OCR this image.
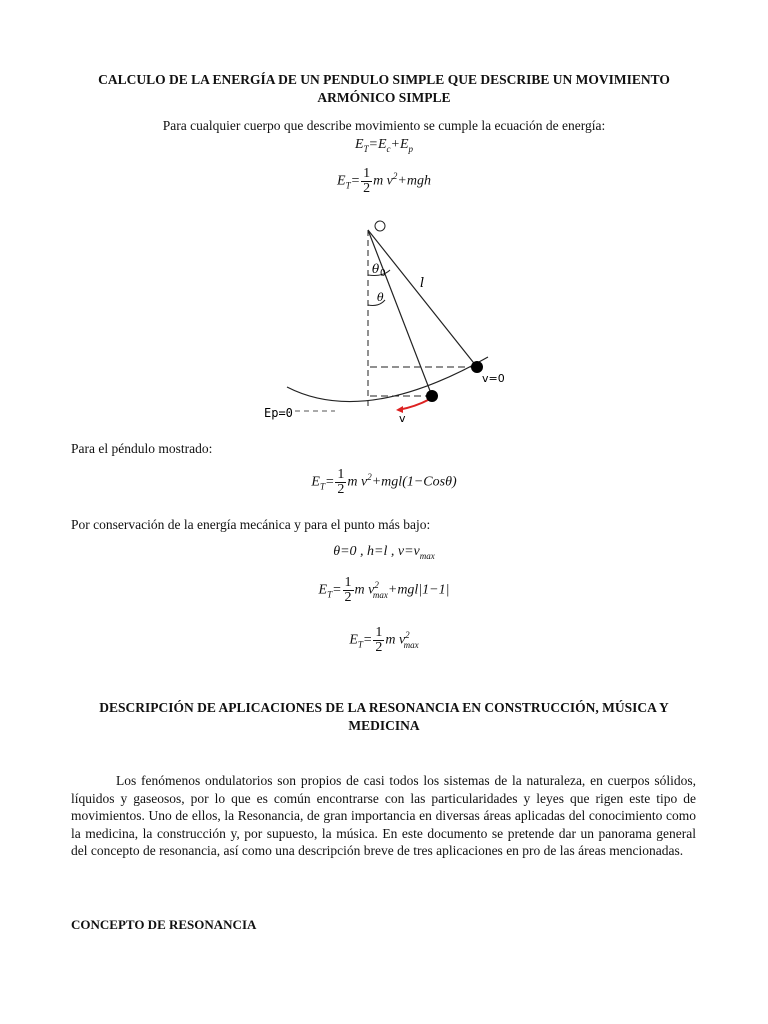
CALCULO DE LA ENERGÍA DE UN PENDULO SIMPLE QUE DESCRIBE UN MOVIMIENTO ARMÓNICO SIMPLE
Para cualquier cuerpo que describe movimiento se cumple la ecuación de energía:
$E_T=E_c+E_p$
$E_T= \frac{1}{2}$ m $v^2+mgh$
θ 0
θ
l
v=0
v
Ep=0
Para el péndulo mostrado:
$E_T= \frac{1}{2}$ m $v^2+mgl(1-Cos\theta)$
Por conservación de la energía mecánica y para el punto más bajo:
θ=0 , h=l , $v=v_{max}$
$E_T= \frac{1}{2}$ m $v^2_{max}+mgl|1-1|$
$E_T= \frac{1}{2}$ m $v^2_{max}$
DESCRIPCIÓN DE APLICACIONES DE LA RESONANCIA EN CONSTRUCCIÓN, MÚSICA Y MEDICINA
Los fenómenos ondulatorios son propios de casi todos los sistemas de la naturaleza, en cuerpos sólidos, líquidos y gaseosos, por lo que es común encontrarse con las particularidades y leyes que rigen este tipo de movimientos. Uno de ellos, la Resonancia, de gran importancia en diversas áreas aplicadas del conocimiento como la medicina, la construcción y, por supuesto, la música. En este documento se pretende dar un panorama general del concepto de resonancia, así como una descripción breve de tres aplicaciones en pro de las áreas mencionadas.
CONCEPTO DE RESONANCIA
